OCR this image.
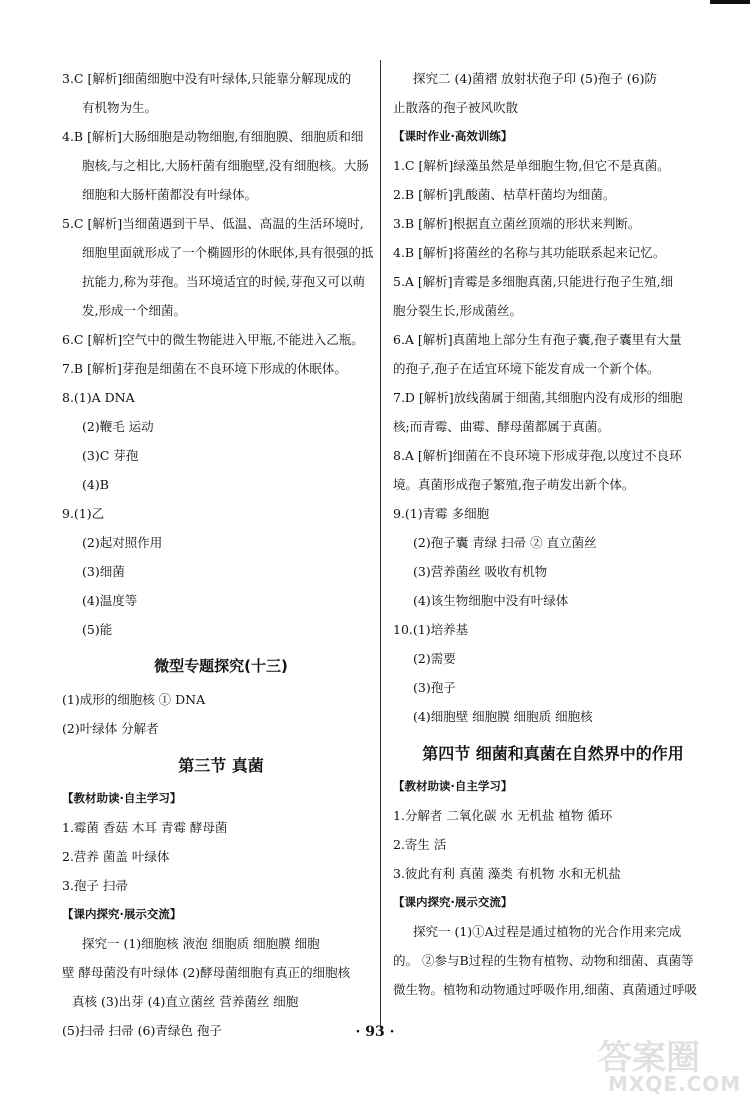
3.C [解析]细菌细胞中没有叶绿体,只能靠分解现成的
有机物为生。
4.B [解析]大肠细胞是动物细胞,有细胞膜、细胞质和细
胞核,与之相比,大肠杆菌有细胞壁,没有细胞核。大肠
细胞和大肠杆菌都没有叶绿体。
5.C [解析]当细菌遇到干旱、低温、高温的生活环境时,
细胞里面就形成了一个椭圆形的休眠体,具有很强的抵
抗能力,称为芽孢。当环境适宜的时候,芽孢又可以萌
发,形成一个细菌。
6.C [解析]空气中的微生物能进入甲瓶,不能进入乙瓶。
7.B [解析]芽孢是细菌在不良环境下形成的休眠体。
8.(1)A DNA
(2)鞭毛 运动
(3)C 芽孢
(4)B
9.(1)乙
(2)起对照作用
(3)细菌
(4)温度等
(5)能
微型专题探究(十三)
(1)成形的细胞核 ① DNA
(2)叶绿体 分解者
第三节 真菌
【教材助读·自主学习】
1.霉菌 香菇 木耳 青霉 酵母菌
2.营养 菌盖 叶绿体
3.孢子 扫帚
【课内探究·展示交流】
探究一 (1)细胞核 液泡 细胞质 细胞膜 细胞
壁 酵母菌没有叶绿体 (2)酵母菌细胞有真正的细胞核
真核 (3)出芽 (4)直立菌丝 营养菌丝 细胞
(5)扫帚 扫帚 (6)青绿色 孢子
探究二 (4)菌褶 放射状孢子印 (5)孢子 (6)防
止散落的孢子被风吹散
【课时作业·高效训练】
1.C [解析]绿藻虽然是单细胞生物,但它不是真菌。
2.B [解析]乳酸菌、枯草杆菌均为细菌。
3.B [解析]根据直立菌丝顶端的形状来判断。
4.B [解析]将菌丝的名称与其功能联系起来记忆。
5.A [解析]青霉是多细胞真菌,只能进行孢子生殖,细
胞分裂生长,形成菌丝。
6.A [解析]真菌地上部分生有孢子囊,孢子囊里有大量
的孢子,孢子在适宜环境下能发育成一个新个体。
7.D [解析]放线菌属于细菌,其细胞内没有成形的细胞
核;而青霉、曲霉、酵母菌都属于真菌。
8.A [解析]细菌在不良环境下形成芽孢,以度过不良环
境。真菌形成孢子繁殖,孢子萌发出新个体。
9.(1)青霉 多细胞
(2)孢子囊 青绿 扫帚 ② 直立菌丝
(3)营养菌丝 吸收有机物
(4)该生物细胞中没有叶绿体
10.(1)培养基
(2)需要
(3)孢子
(4)细胞壁 细胞膜 细胞质 细胞核
第四节 细菌和真菌在自然界中的作用
【教材助读·自主学习】
1.分解者 二氧化碳 水 无机盐 植物 循环
2.寄生 活
3.彼此有利 真菌 藻类 有机物 水和无机盐
【课内探究·展示交流】
探究一 (1)①A过程是通过植物的光合作用来完成
的。 ②参与B过程的生物有植物、动物和细菌、真菌等
微生物。植物和动物通过呼吸作用,细菌、真菌通过呼吸
· 93 ·
答案圈
MXQE.COM
